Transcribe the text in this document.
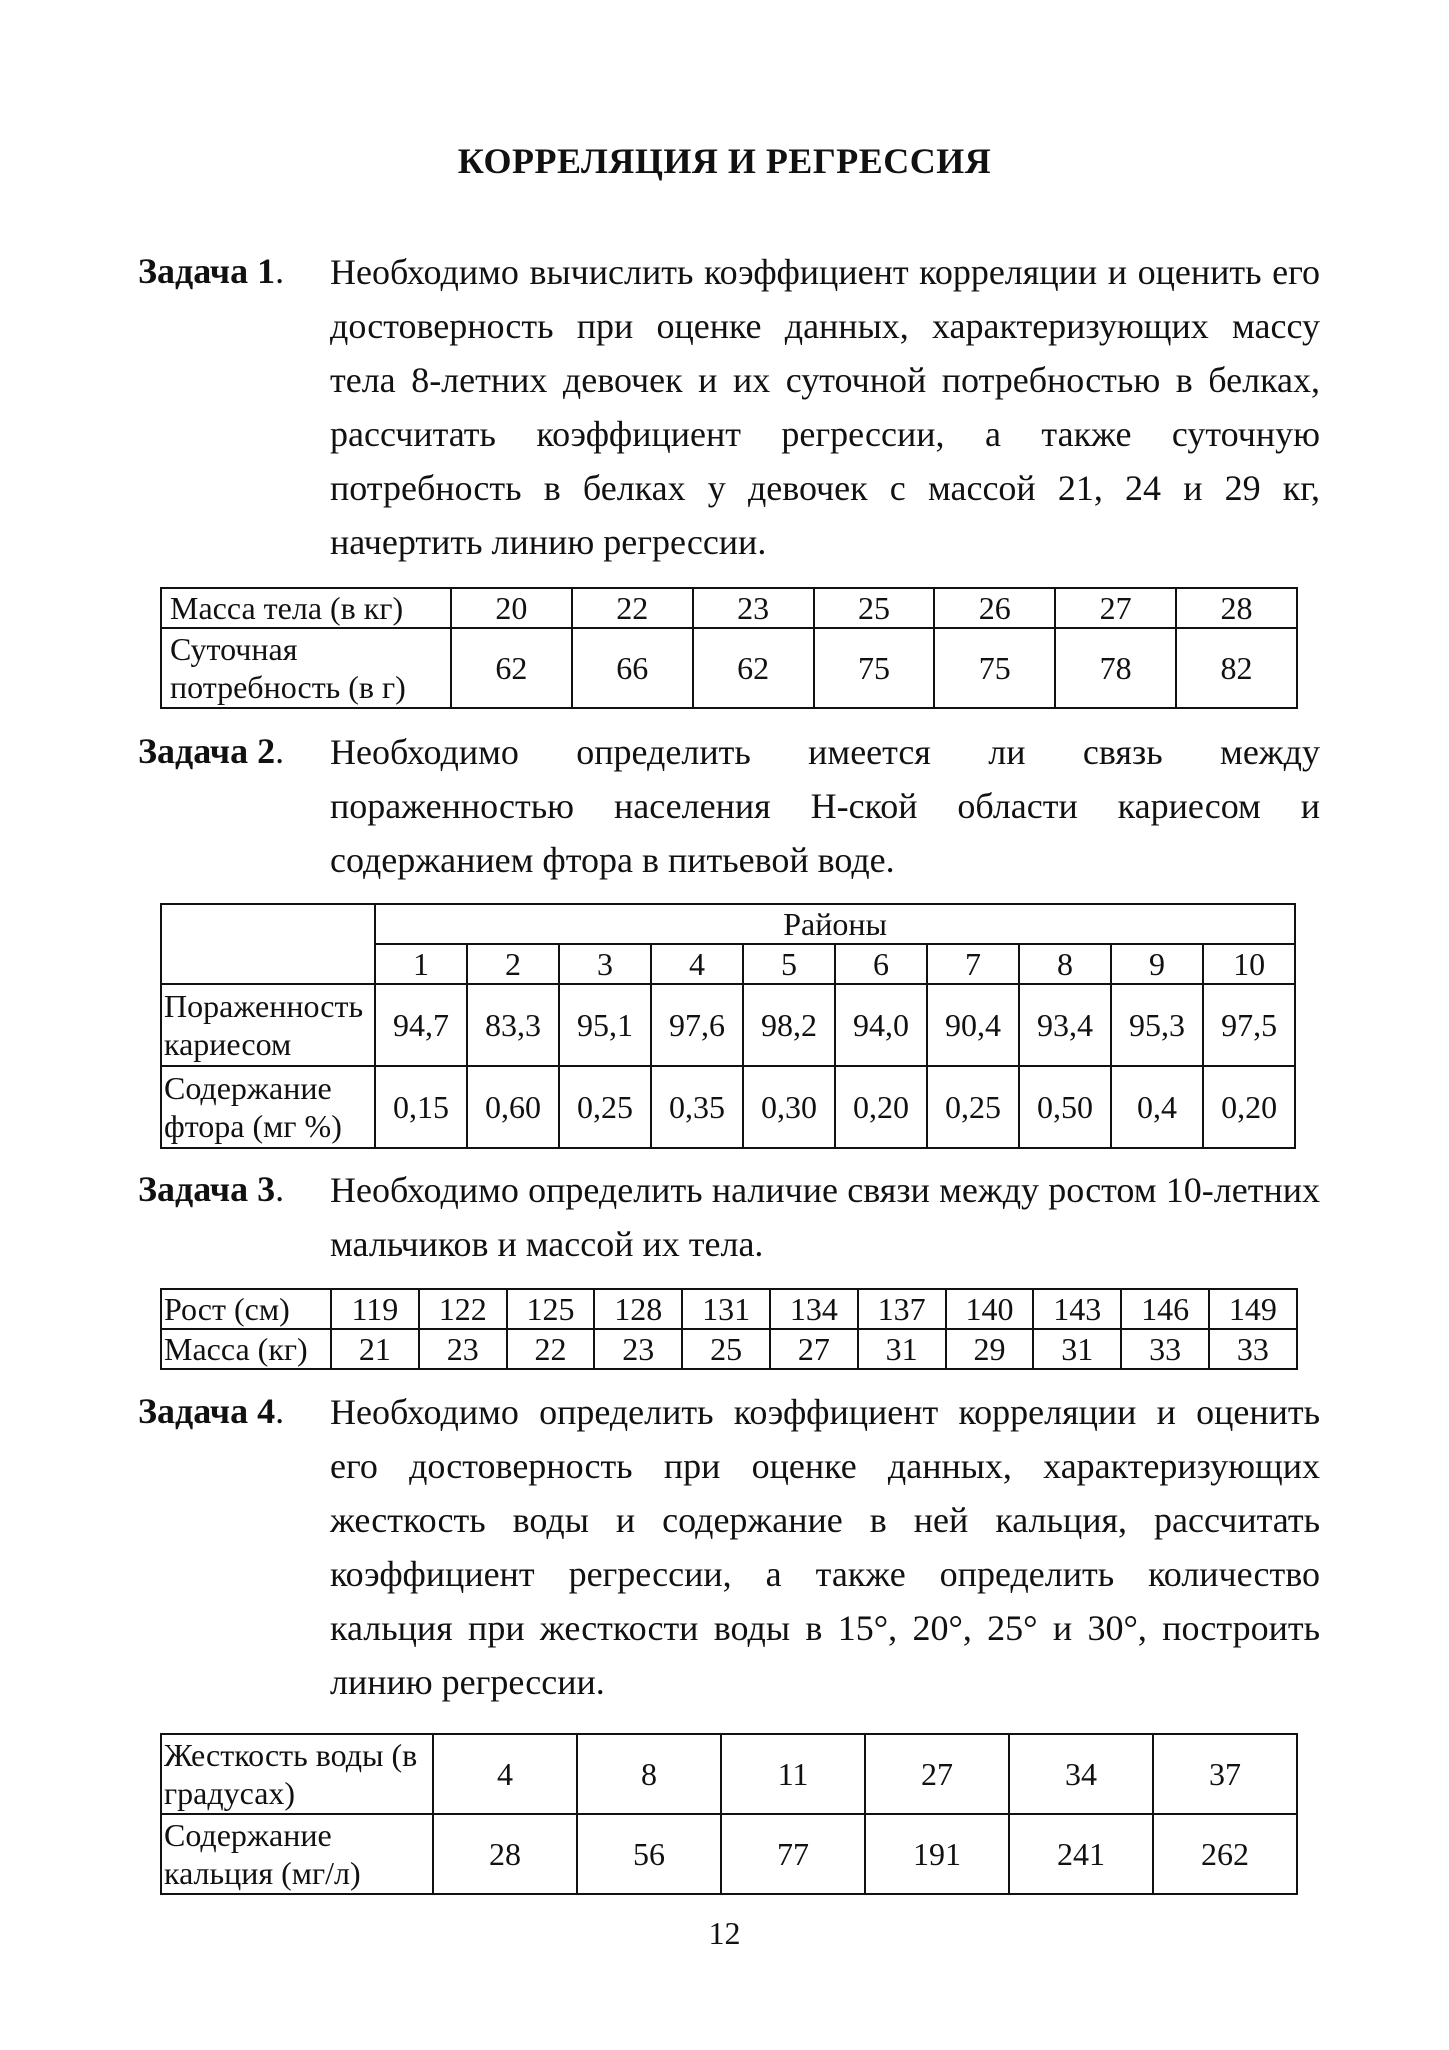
КОРРЕЛЯЦИЯ И РЕГРЕССИЯ
Задача 1. Необходимо вычислить коэффициент корреляции и оценить его достоверность при оценке данных, характеризующих массу тела 8-летних девочек и их суточной потребностью в белках, рассчитать коэффициент регрессии, а также суточную потребность в белках у девочек с массой 21, 24 и 29 кг, начертить линию регрессии.
Масса тела (в кг)	20	22	23	25	26	27	28
Суточная потребность (в г)	62	66	62	75	75	78	82
Задача 2. Необходимо определить имеется ли связь между пораженностью населения Н-ской области кариесом и содержанием фтора в питьевой воде.
	Районы									
	1	2	3	4	5	6	7	8	9	10
Пораженность кариесом	94,7	83,3	95,1	97,6	98,2	94,0	90,4	93,4	95,3	97,5
Содержание фтора (мг %)	0,15	0,60	0,25	0,35	0,30	0,20	0,25	0,50	0,4	0,20
Задача 3. Необходимо определить наличие связи между ростом 10-летних мальчиков и массой их тела.
Рост (см)	119	122	125	128	131	134	137	140	143	146	149
Масса (кг)	21	23	22	23	25	27	31	29	31	33	33
Задача 4. Необходимо определить коэффициент корреляции и оценить его достоверность при оценке данных, характеризующих жесткость воды и содержание в ней кальция, рассчитать коэффициент регрессии, а также определить количество кальция при жесткости воды в 15°, 20°, 25° и 30°, построить линию регрессии.
Жесткость воды (в градусах)	4	8	11	27	34	37
Содержание кальция (мг/л)	28	56	77	191	241	262
12
